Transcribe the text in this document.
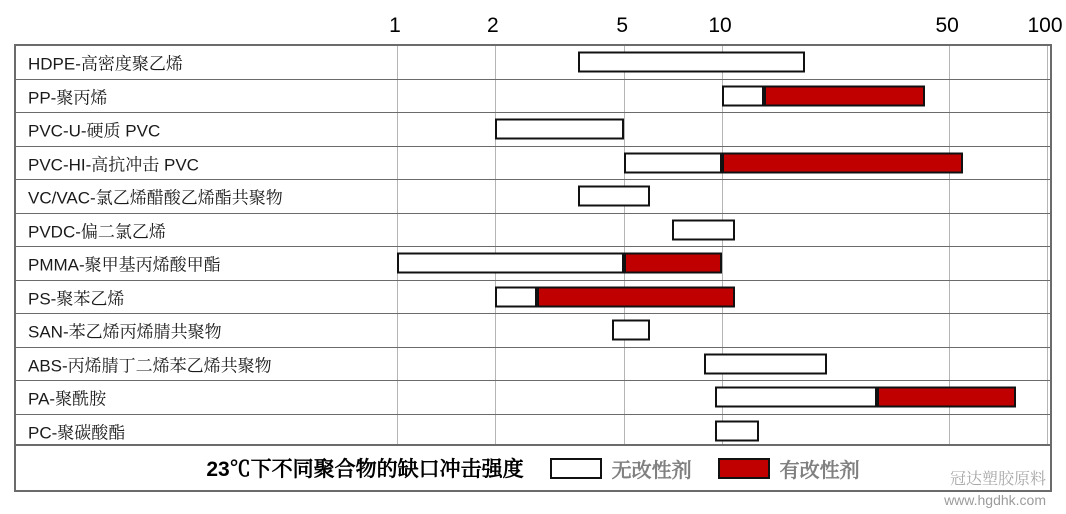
1	2	5	10	50	100
HDPE-高密度聚乙烯
PP-聚丙烯
PVC-U-硬质 PVC
PVC-HI-高抗冲击 PVC
VC/VAC-氯乙烯醋酸乙烯酯共聚物
PVDC-偏二氯乙烯
PMMA-聚甲基丙烯酸甲酯
PS-聚苯乙烯
SAN-苯乙烯丙烯腈共聚物
ABS-丙烯腈丁二烯苯乙烯共聚物
PA-聚酰胺
PC-聚碳酸酯
23℃下不同聚合物的缺口冲击强度	无改性剂	有改性剂	冠达塑胶原料
www.hgdhk.com
